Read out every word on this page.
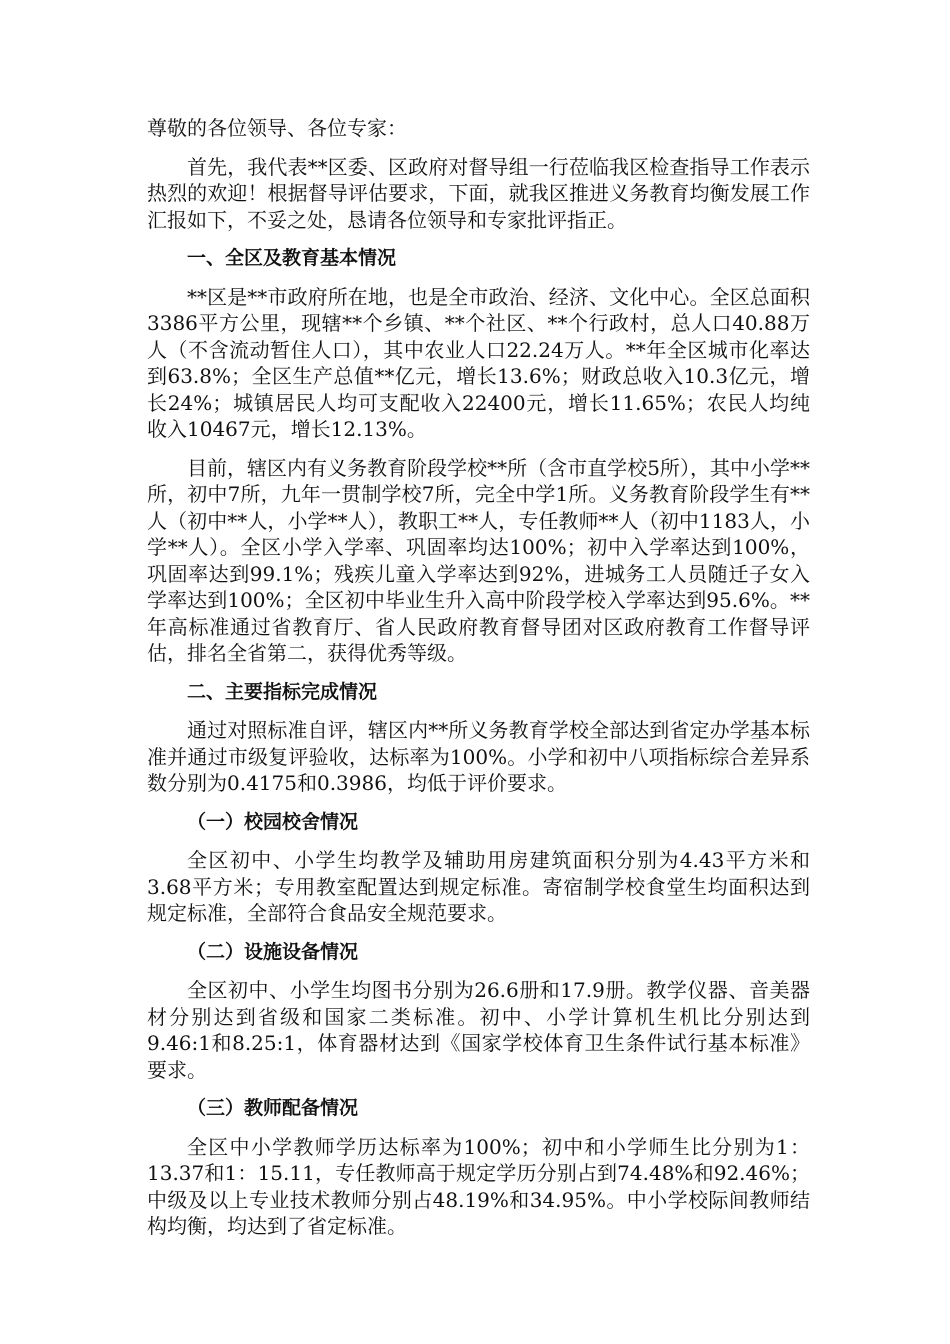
尊敬的各位领导、各位专家：

首先，我代表**区委、区政府对督导组一行莅临我区检查指导工作表示热烈的欢迎！根据督导评估要求，下面，就我区推进义务教育均衡发展工作汇报如下，不妥之处，恳请各位领导和专家批评指正。

一、全区及教育基本情况

**区是**市政府所在地，也是全市政治、经济、文化中心。全区总面积3386平方公里，现辖**个乡镇、**个社区、**个行政村，总人口40.88万人（不含流动暂住人口），其中农业人口22.24万人。**年全区城市化率达到63.8%；全区生产总值**亿元，增长13.6%；财政总收入10.3亿元，增长24%；城镇居民人均可支配收入22400元，增长11.65%；农民人均纯收入10467元，增长12.13%。

目前，辖区内有义务教育阶段学校**所（含市直学校5所），其中小学**所，初中7所，九年一贯制学校7所，完全中学1所。义务教育阶段学生有**人（初中**人，小学**人），教职工**人，专任教师**人（初中1183人，小学**人）。全区小学入学率、巩固率均达100%；初中入学率达到100%，巩固率达到99.1%；残疾儿童入学率达到92%，进城务工人员随迁子女入学率达到100%；全区初中毕业生升入高中阶段学校入学率达到95.6%。**年高标准通过省教育厅、省人民政府教育督导团对区政府教育工作督导评估，排名全省第二，获得优秀等级。

二、主要指标完成情况

通过对照标准自评，辖区内**所义务教育学校全部达到省定办学基本标准并通过市级复评验收，达标率为100%。小学和初中八项指标综合差异系数分别为0.4175和0.3986，均低于评价要求。

（一）校园校舍情况

全区初中、小学生均教学及辅助用房建筑面积分别为4.43平方米和3.68平方米；专用教室配置达到规定标准。寄宿制学校食堂生均面积达到规定标准，全部符合食品安全规范要求。

（二）设施设备情况

全区初中、小学生均图书分别为26.6册和17.9册。教学仪器、音美器材分别达到省级和国家二类标准。初中、小学计算机生机比分别达到9.46:1和8.25:1，体育器材达到《国家学校体育卫生条件试行基本标准》要求。

（三）教师配备情况

全区中小学教师学历达标率为100%；初中和小学师生比分别为1：13.37和1：15.11，专任教师高于规定学历分别占到74.48%和92.46%；中级及以上专业技术教师分别占48.19%和34.95%。中小学校际间教师结构均衡，均达到了省定标准。
